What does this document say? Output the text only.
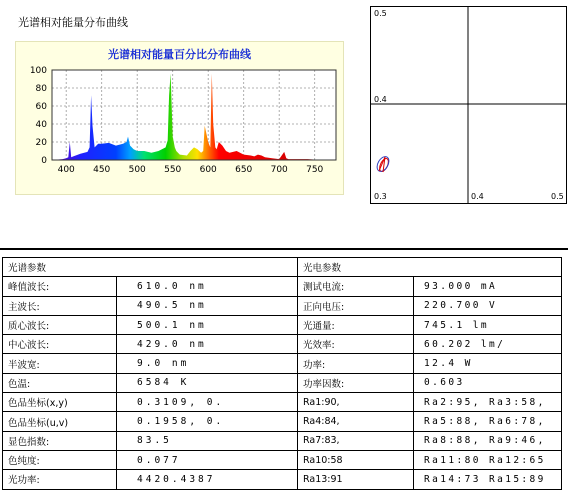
光谱相对能量分布曲线
0
20
40
60
80
100
400 450 500 550 600 650 700 750
光谱相对能量百分比分布曲线
0.5
0.4
0.3	0.4	0.5
光谱参数		光电参数	
峰值波长:	610.0 nm	测试电流:	93.000 mA
主波长:	490.5 nm	正向电压:	220.700 V
质心波长:	500.1 nm	光通量:	745.1 lm
中心波长:	429.0 nm	光效率:	60.202 lm/
半波宽:	9.0 nm	功率:	12.4 W
色温:	6584 K	功率因数:	0.603
色品坐标(x,y)	0.3109, 0.	Ra1:90,	Ra2:95, Ra3:58,
色品坐标(u,v)	0.1958, 0.	Ra4:84,	Ra5:88, Ra6:78,
显色指数:	83.5	Ra7:83,	Ra8:88, Ra9:46,
色纯度:	0.077	Ra10:58	Ra11:80 Ra12:65
光功率:	4420.4387	Ra13:91	Ra14:73 Ra15:89
